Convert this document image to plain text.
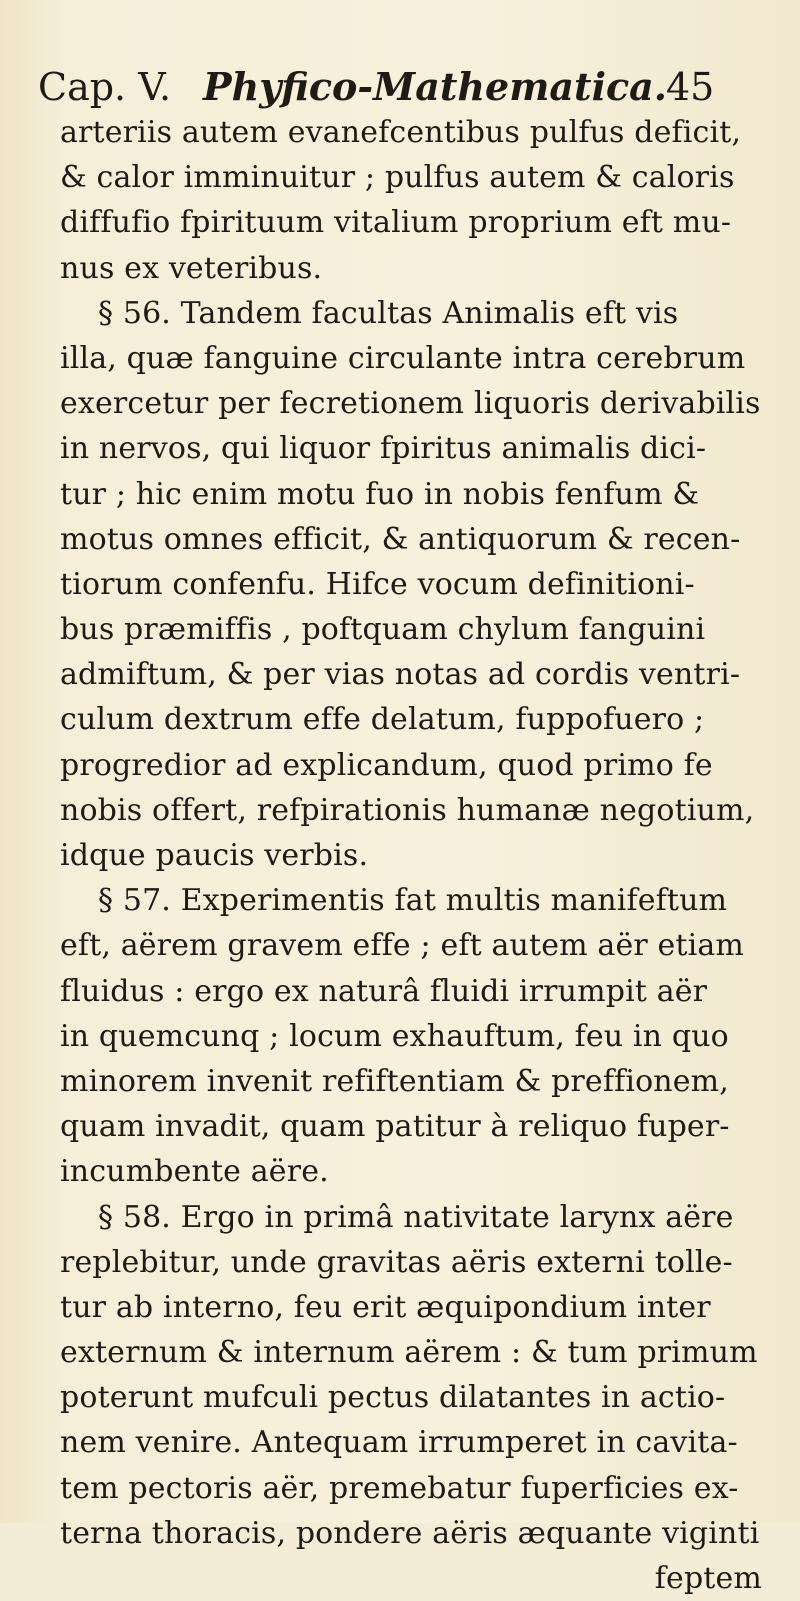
Cap. V. Phyfico-Mathematica.
45
arteriis autem evanefcentibus pulfus deficit,
& calor imminuitur ; pulfus autem & caloris
diffufio fpirituum vitalium proprium eft mu-
nus ex veteribus.
§ 56. Tandem facultas Animalis eft vis
illa, quæ fanguine circulante intra cerebrum
exercetur per fecretionem liquoris derivabilis
in nervos, qui liquor fpiritus animalis dici-
tur ; hic enim motu fuo in nobis fenfum &
motus omnes efficit, & antiquorum & recen-
tiorum confenfu. Hifce vocum definitioni-
bus præmiffis , poftquam chylum fanguini
admiftum, & per vias notas ad cordis ventri-
culum dextrum effe delatum, fuppofuero ;
progredior ad explicandum, quod primo fe
nobis offert, refpirationis humanæ negotium,
idque paucis verbis.
§ 57. Experimentis fat multis manifeftum
eft, aërem gravem effe ; eft autem aër etiam
fluidus : ergo ex naturâ fluidi irrumpit aër
in quemcunq ; locum exhauftum, feu in quo
minorem invenit refiftentiam & preffionem,
quam invadit, quam patitur à reliquo fuper-
incumbente aëre.
§ 58. Ergo in primâ nativitate larynx aëre
replebitur, unde gravitas aëris externi tolle-
tur ab interno, feu erit æquipondium inter
externum & internum aërem : & tum primum
poterunt mufculi pectus dilatantes in actio-
nem venire. Antequam irrumperet in cavita-
tem pectoris aër, premebatur fuperficies ex-
terna thoracis, pondere aëris æquante viginti
feptem
